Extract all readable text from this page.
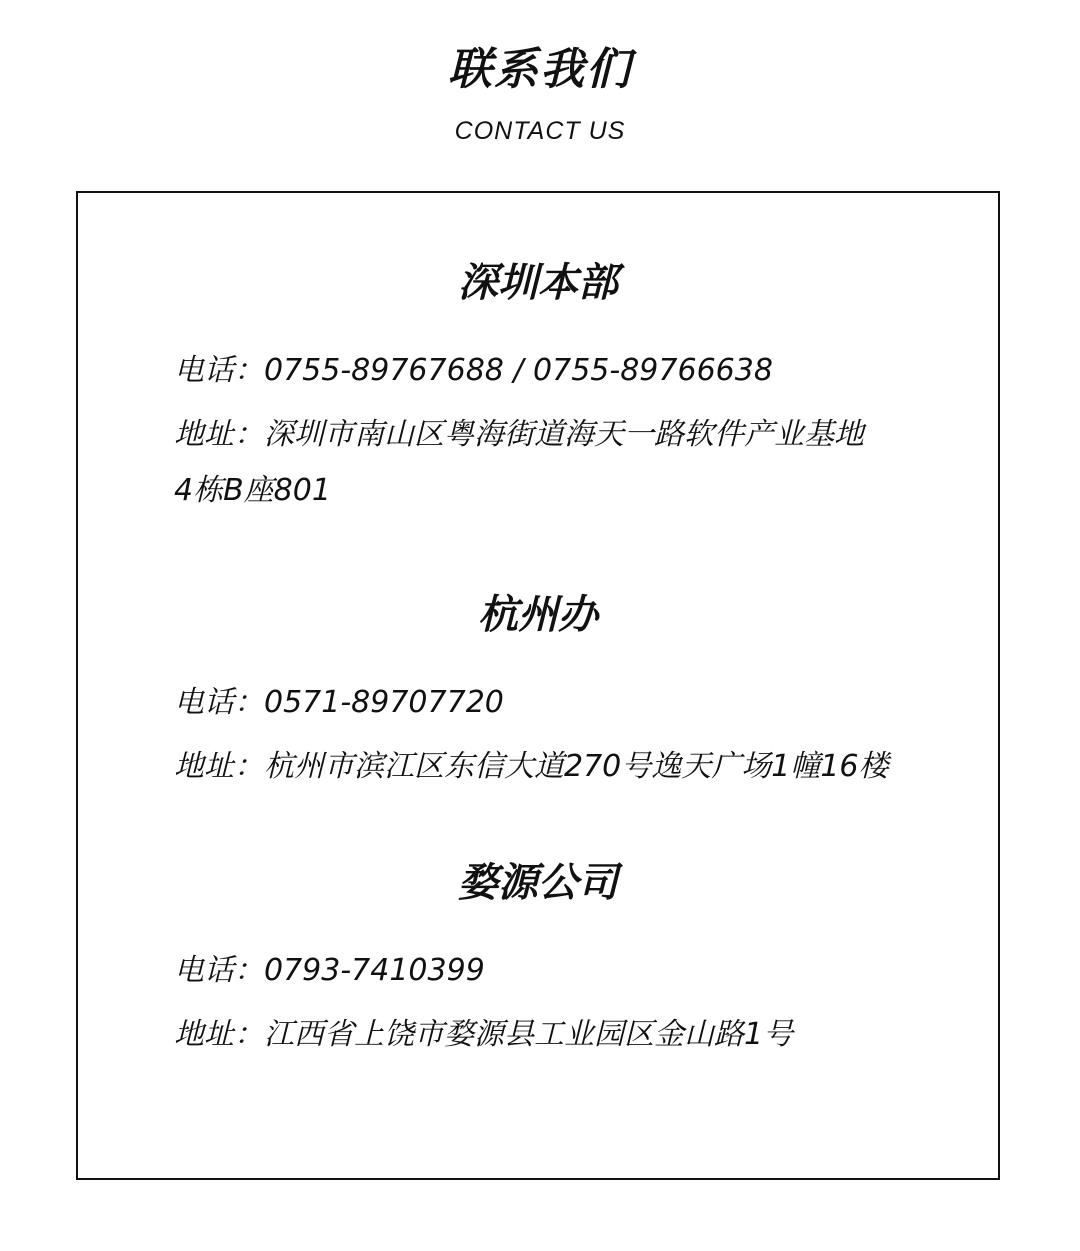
联系我们
CONTACT US
深圳本部
电话：0755-89767688 / 0755-89766638
地址：深圳市南山区粤海街道海天一路软件产业基地
4栋B座801
杭州办
电话：0571-89707720
地址：杭州市滨江区东信大道270号逸天广场1幢16楼
婺源公司
电话：0793-7410399
地址：江西省上饶市婺源县工业园区金山路1号
